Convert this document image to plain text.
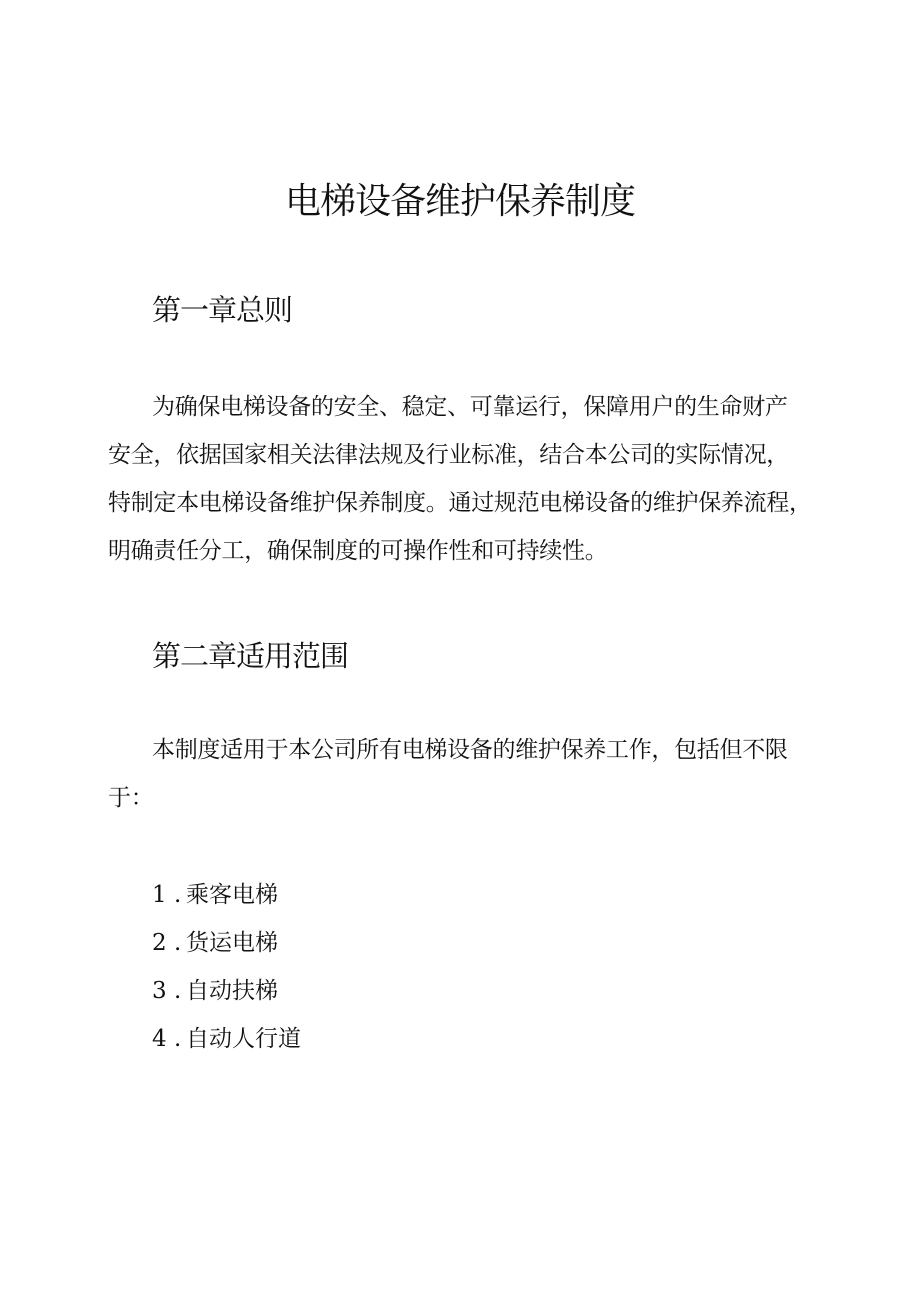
电梯设备维护保养制度
第一章总则

为确保电梯设备的安全、稳定、可靠运行，保障用户的生命财产
安全，依据国家相关法律法规及行业标准，结合本公司的实际情况，
特制定本电梯设备维护保养制度。通过规范电梯设备的维护保养流程，
明确责任分工，确保制度的可操作性和可持续性。

第二章适用范围

本制度适用于本公司所有电梯设备的维护保养工作，包括但不限
于：

1 . 乘客电梯
2 . 货运电梯
3 . 自动扶梯
4 . 自动人行道
